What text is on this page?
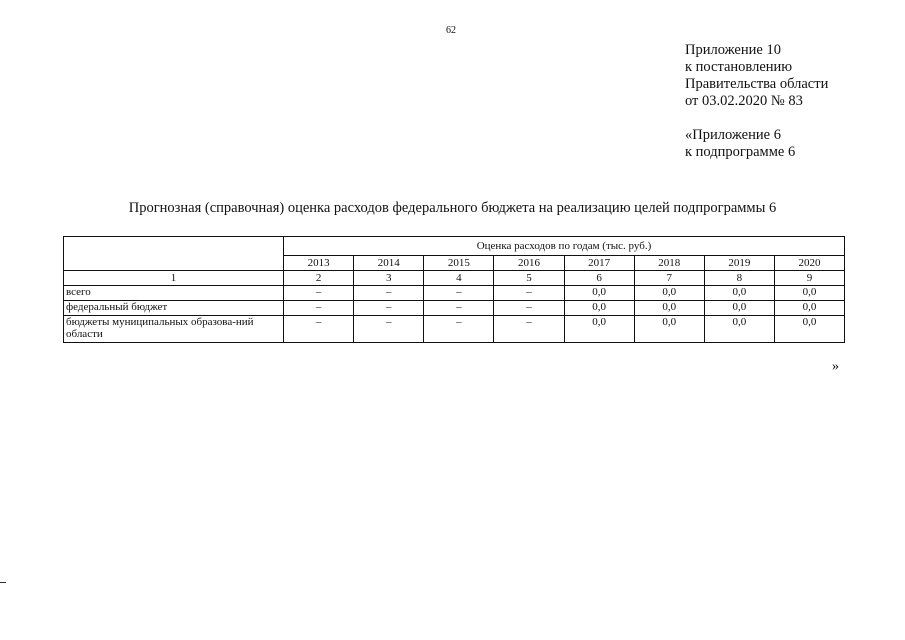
62
Приложение 10
к постановлению
Правительства области
от 03.02.2020 № 83
«Приложение 6
к подпрограмме 6
Прогнозная (справочная) оценка расходов федерального бюджета на реализацию целей подпрограммы 6
	Оценка расходов по годам (тыс. руб.)							
	2013	2014	2015	2016	2017	2018	2019	2020
1	2	3	4	5	6	7	8	9
всего	–	–	–	–	0,0	0,0	0,0	0,0
федеральный бюджет	–	–	–	–	0,0	0,0	0,0	0,0
бюджеты муниципальных образова-ний области	–	–	–	–	0,0	0,0	0,0	0,0
»
